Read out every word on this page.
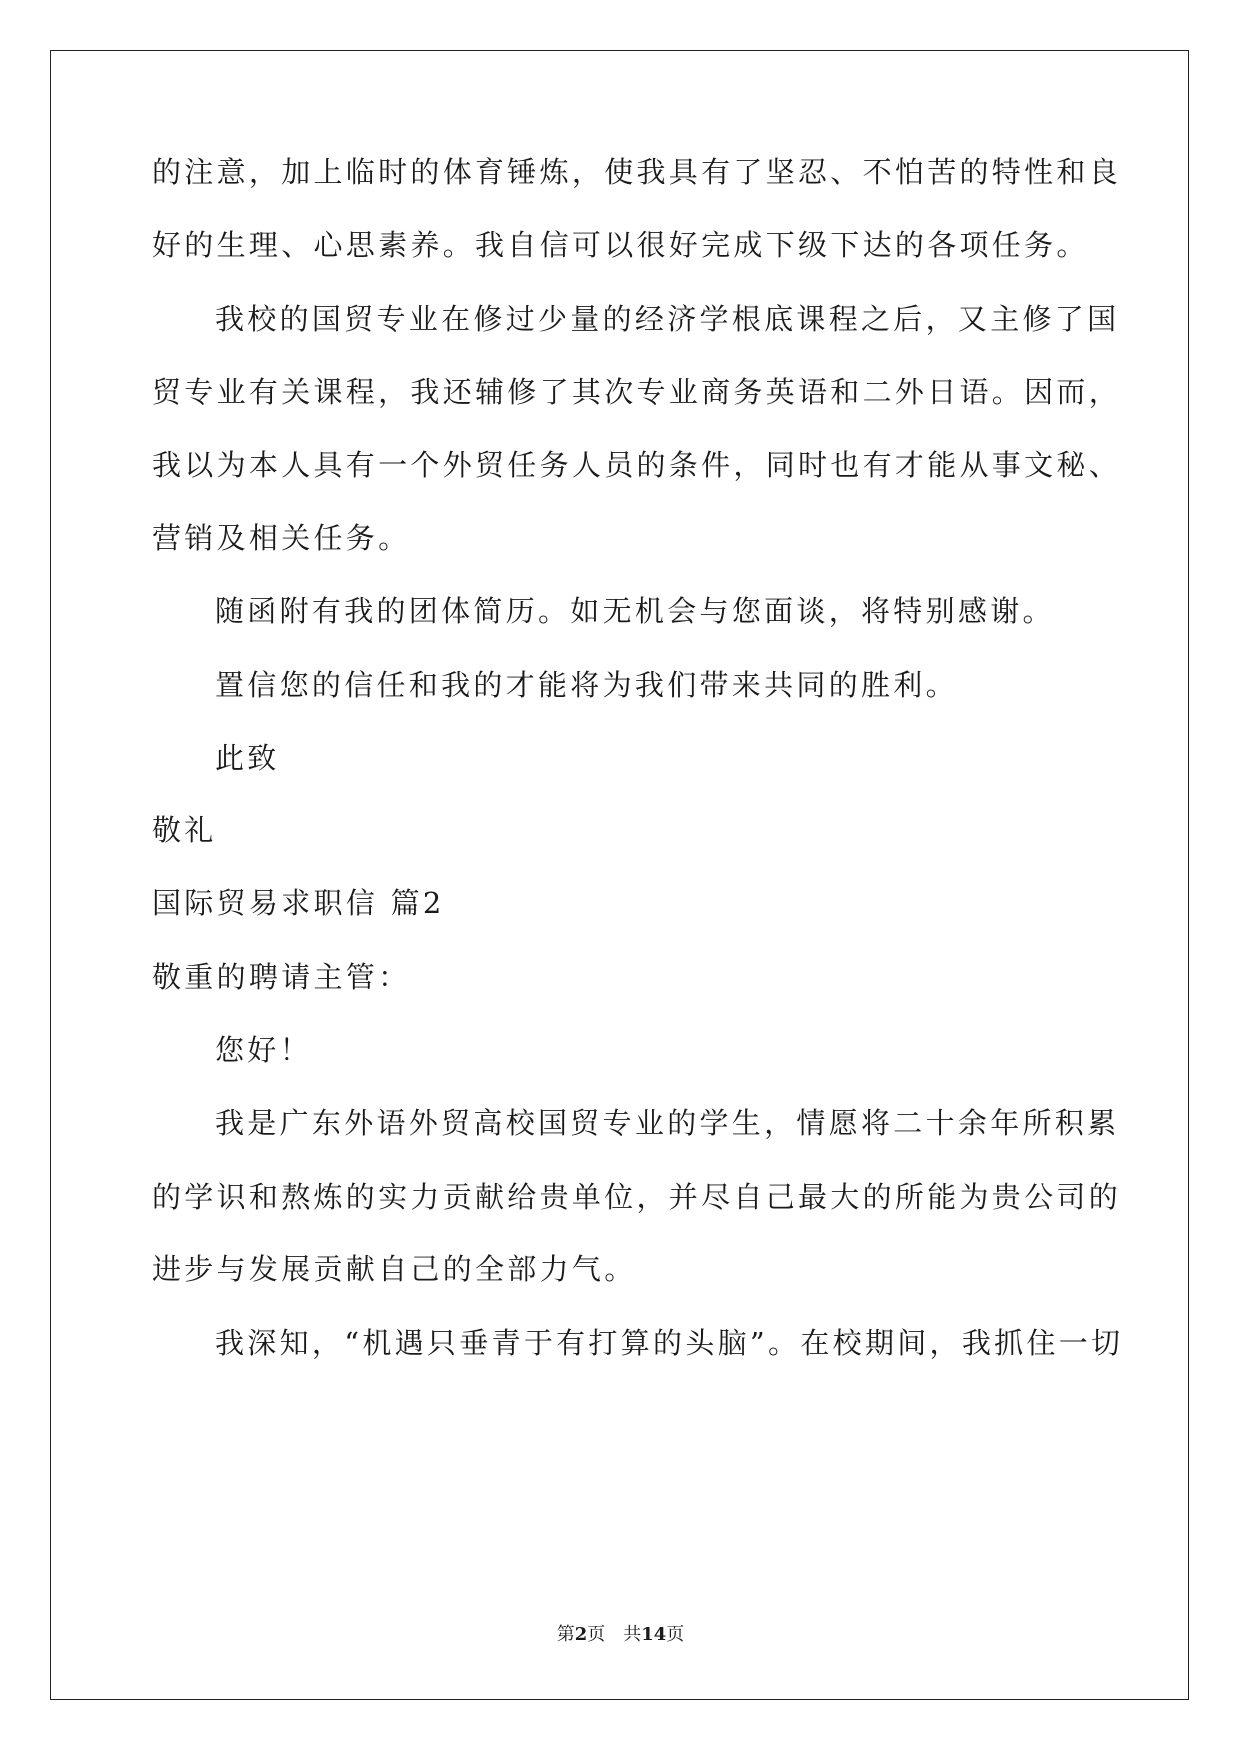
的注意，加上临时的体育锤炼，使我具有了坚忍、不怕苦的特性和良
好的生理、心思素养。我自信可以很好完成下级下达的各项任务。
我校的国贸专业在修过少量的经济学根底课程之后，又主修了国
贸专业有关课程，我还辅修了其次专业商务英语和二外日语。因而，
我以为本人具有一个外贸任务人员的条件，同时也有才能从事文秘、
营销及相关任务。
随函附有我的团体简历。如无机会与您面谈，将特别感谢。
置信您的信任和我的才能将为我们带来共同的胜利。
此致
敬礼
国际贸易求职信 篇2
敬重的聘请主管：
您好！
我是广东外语外贸高校国贸专业的学生，情愿将二十余年所积累
的学识和熬炼的实力贡献给贵单位，并尽自己最大的所能为贵公司的
进步与发展贡献自己的全部力气。
我深知，“机遇只垂青于有打算的头脑”。在校期间，我抓住一切
第2页　共14页
